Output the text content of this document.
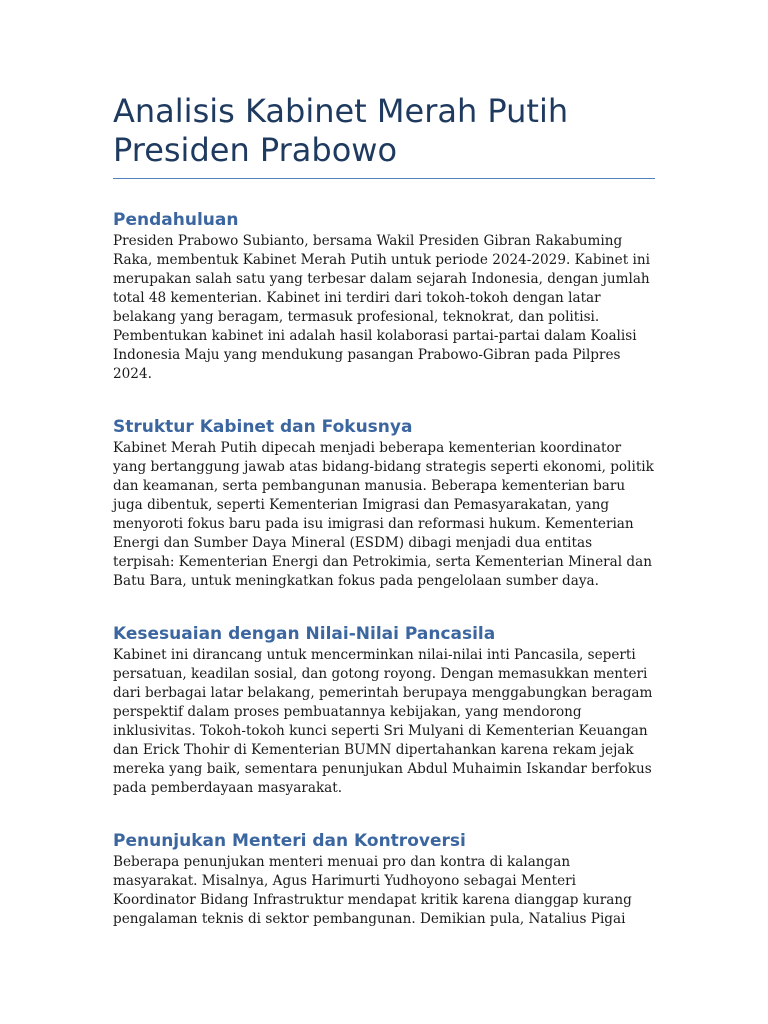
Analisis Kabinet Merah Putih Presiden Prabowo
Pendahuluan

Presiden Prabowo Subianto, bersama Wakil Presiden Gibran Rakabuming Raka, membentuk Kabinet Merah Putih untuk periode 2024-2029. Kabinet ini merupakan salah satu yang terbesar dalam sejarah Indonesia, dengan jumlah total 48 kementerian. Kabinet ini terdiri dari tokoh-tokoh dengan latar belakang yang beragam, termasuk profesional, teknokrat, dan politisi. Pembentukan kabinet ini adalah hasil kolaborasi partai-partai dalam Koalisi Indonesia Maju yang mendukung pasangan Prabowo-Gibran pada Pilpres 2024.

Struktur Kabinet dan Fokusnya

Kabinet Merah Putih dipecah menjadi beberapa kementerian koordinator yang bertanggung jawab atas bidang-bidang strategis seperti ekonomi, politik dan keamanan, serta pembangunan manusia. Beberapa kementerian baru juga dibentuk, seperti Kementerian Imigrasi dan Pemasyarakatan, yang menyoroti fokus baru pada isu imigrasi dan reformasi hukum. Kementerian Energi dan Sumber Daya Mineral (ESDM) dibagi menjadi dua entitas terpisah: Kementerian Energi dan Petrokimia, serta Kementerian Mineral dan Batu Bara, untuk meningkatkan fokus pada pengelolaan sumber daya.

Kesesuaian dengan Nilai-Nilai Pancasila

Kabinet ini dirancang untuk mencerminkan nilai-nilai inti Pancasila, seperti persatuan, keadilan sosial, dan gotong royong. Dengan memasukkan menteri dari berbagai latar belakang, pemerintah berupaya menggabungkan beragam perspektif dalam proses pembuatannya kebijakan, yang mendorong inklusivitas. Tokoh-tokoh kunci seperti Sri Mulyani di Kementerian Keuangan dan Erick Thohir di Kementerian BUMN dipertahankan karena rekam jejak mereka yang baik, sementara penunjukan Abdul Muhaimin Iskandar berfokus pada pemberdayaan masyarakat.

Penunjukan Menteri dan Kontroversi

Beberapa penunjukan menteri menuai pro dan kontra di kalangan masyarakat. Misalnya, Agus Harimurti Yudhoyono sebagai Menteri Koordinator Bidang Infrastruktur mendapat kritik karena dianggap kurang pengalaman teknis di sektor pembangunan. Demikian pula, Natalius Pigai
